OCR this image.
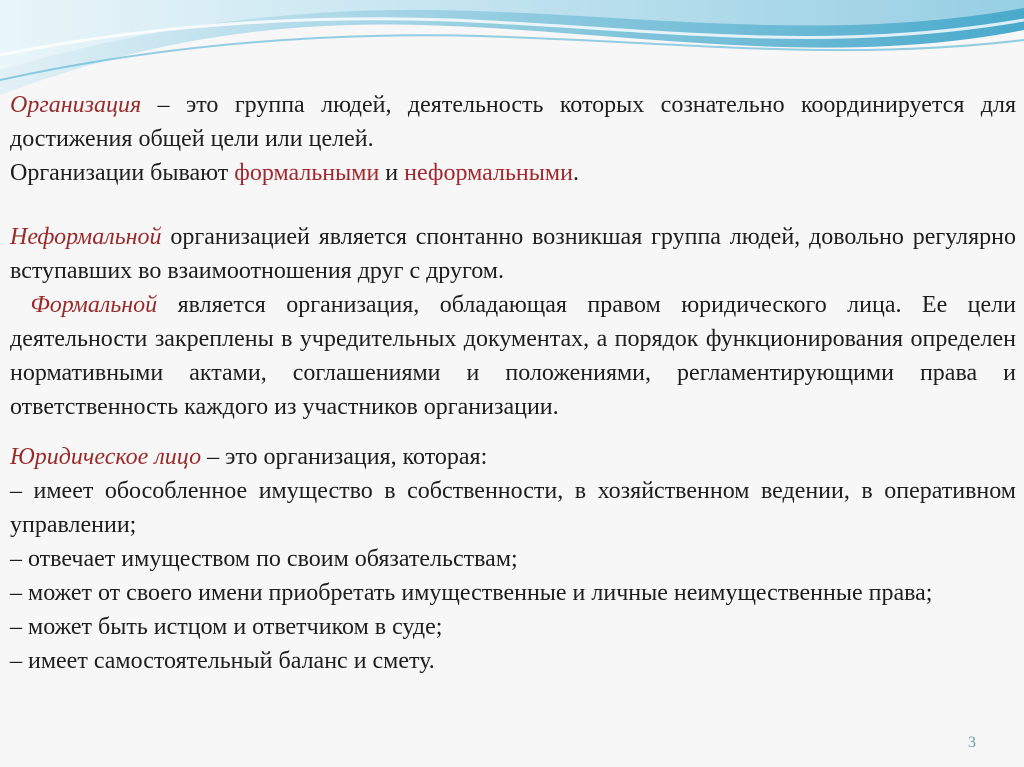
Организация – это группа людей, деятельность которых сознательно координируется для достижения общей цели или целей.

Организации бывают формальными и неформальными.

Неформальной организацией является спонтанно возникшая группа людей, довольно регулярно вступавших во взаимоотношения друг с другом.

Формальной является организация, обладающая правом юридического лица. Ее цели деятельности закреплены в учредительных документах, а порядок функционирования определен нормативными актами, соглашениями и положениями, регламентирующими права и ответственность каждого из участников организации.

Юридическое лицо – это организация, которая:

– имеет обособленное имущество в собственности, в хозяйственном ведении, в оперативном управлении;

– отвечает имуществом по своим обязательствам;

– может от своего имени приобретать имущественные и личные неимущественные права;

– может быть истцом и ответчиком в суде;

– имеет самостоятельный баланс и смету.

3
